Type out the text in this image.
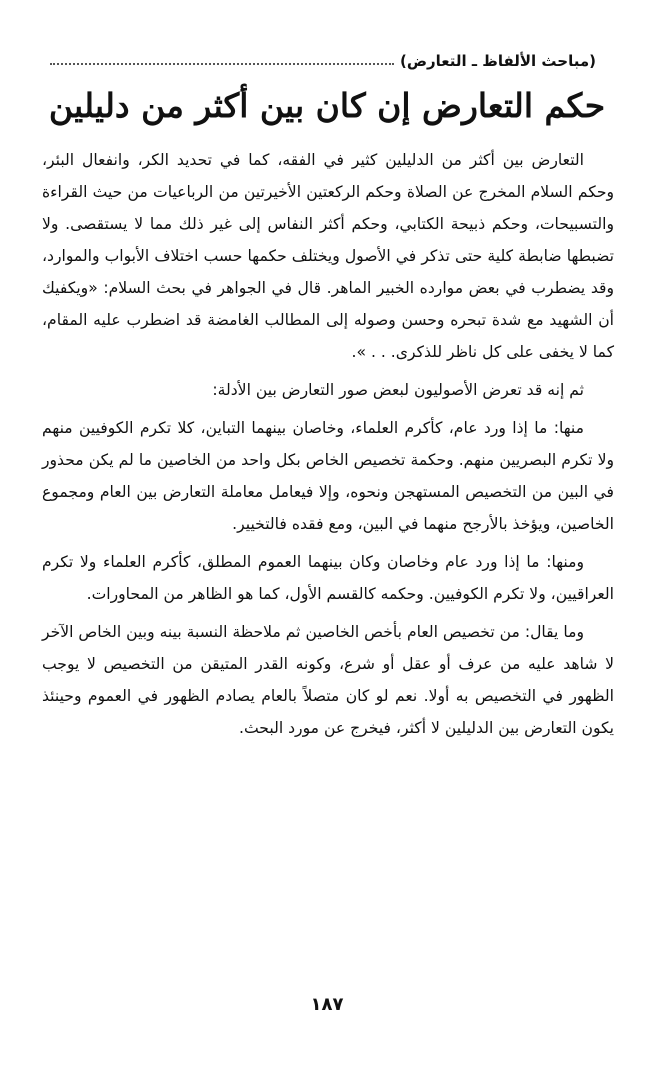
(مباحث الألفاظ ـ التعارض)
حكم التعارض إن كان بين أكثر من دليلين

التعارض بين أكثر من الدليلين كثير في الفقه، كما في تحديد الكر، وانفعال البئر، وحكم السلام المخرج عن الصلاة وحكم الركعتين الأخيرتين من الرباعيات من حيث القراءة والتسبيحات، وحكم ذبيحة الكتابي، وحكم أكثر النفاس إلى غير ذلك مما لا يستقصى. ولا تضبطها ضابطة كلية حتى تذكر في الأصول ويختلف حكمها حسب اختلاف الأبواب والموارد، وقد يضطرب في بعض موارده الخبير الماهر. قال في الجواهر في بحث السلام: «ويكفيك أن الشهيد مع شدة تبحره وحسن وصوله إلى المطالب الغامضة قد اضطرب عليه المقام، كما لا يخفى على كل ناظر للذكرى. . . ».

ثم إنه قد تعرض الأصوليون لبعض صور التعارض بين الأدلة:

منها: ما إذا ورد عام، كأكرم العلماء، وخاصان بينهما التباين، كلا تكرم الكوفيين منهم ولا تكرم البصريين منهم. وحكمة تخصيص الخاص بكل واحد من الخاصين ما لم يكن محذور في البين من التخصيص المستهجن ونحوه، وإلا فيعامل معاملة التعارض بين العام ومجموع الخاصين، ويؤخذ بالأرجح منهما في البين، ومع فقده فالتخيير.

ومنها: ما إذا ورد عام وخاصان وكان بينهما العموم المطلق، كأكرم العلماء ولا تكرم العراقيين، ولا تكرم الكوفيين. وحكمه كالقسم الأول، كما هو الظاهر من المحاورات.

وما يقال: من تخصيص العام بأخص الخاصين ثم ملاحظة النسبة بينه وبين الخاص الآخر لا شاهد عليه من عرف أو عقل أو شرع، وكونه القدر المتيقن من التخصيص لا يوجب الظهور في التخصيص به أولا. نعم لو كان متصلاً بالعام يصادم الظهور في العموم وحينئذ يكون التعارض بين الدليلين لا أكثر، فيخرج عن مورد البحث.

١٨٧
